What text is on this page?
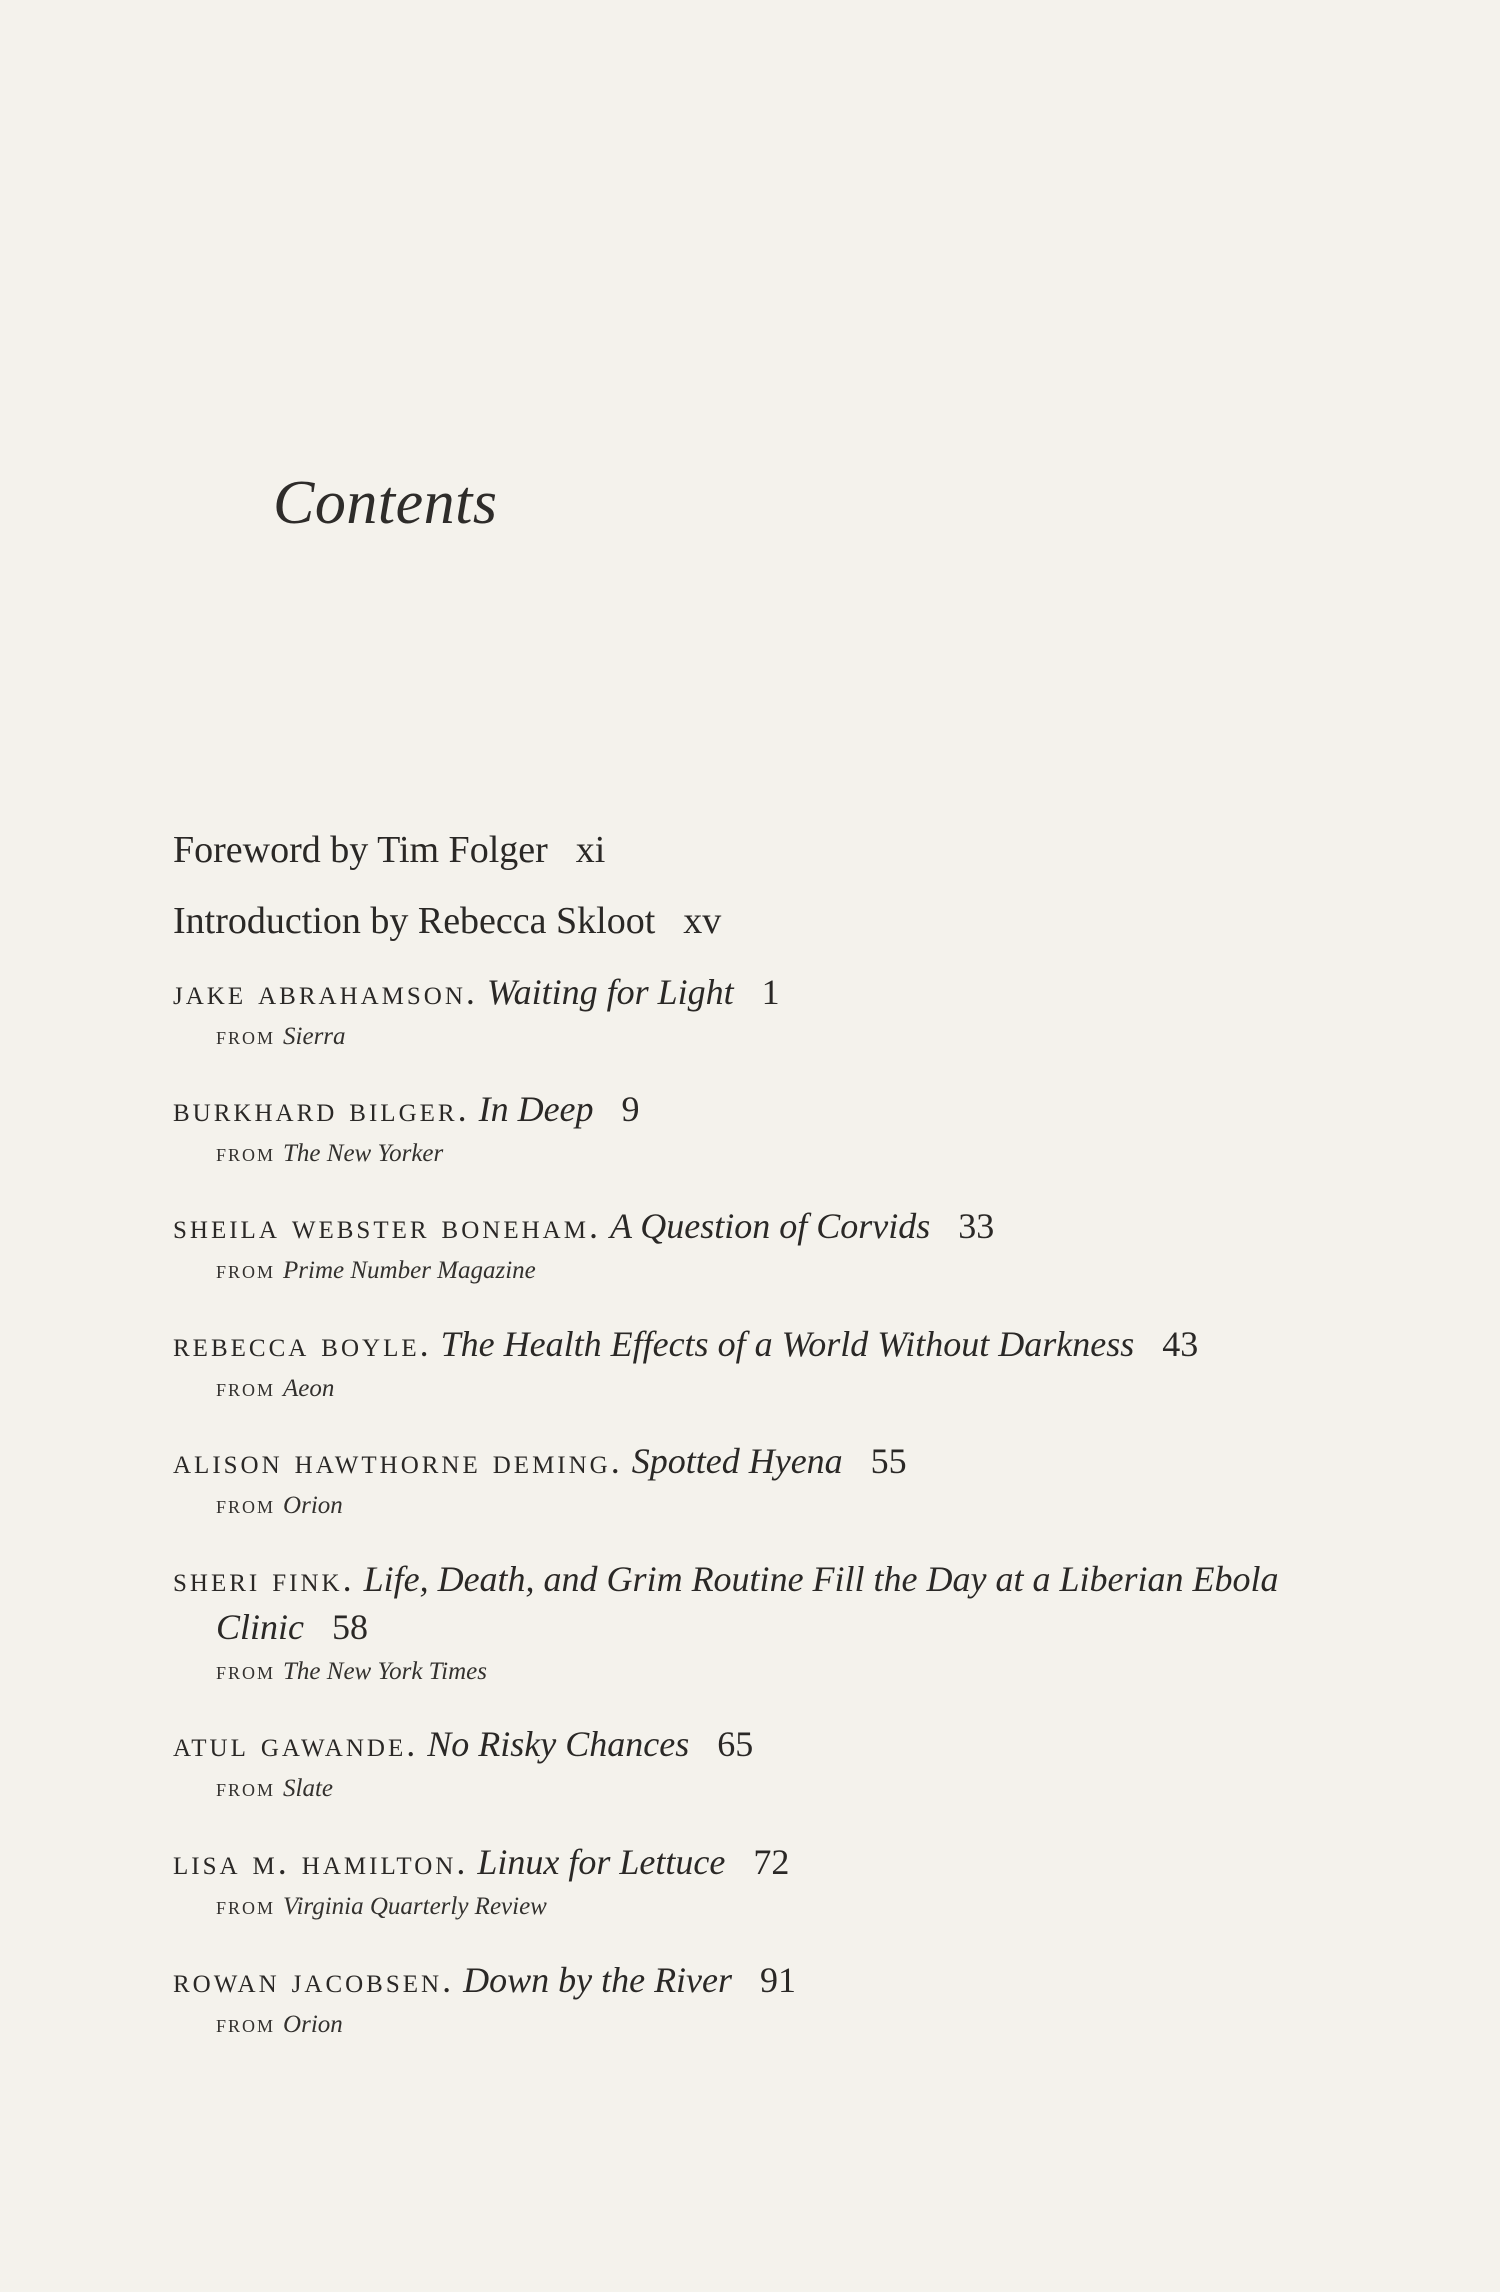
Contents
Foreword by Tim Folger xi
Introduction by Rebecca Skloot xv
jake abrahamson. Waiting for Light 1
from Sierra
burkhard bilger. In Deep 9
from The New Yorker
sheila webster boneham. A Question of Corvids 33
from Prime Number Magazine
rebecca boyle. The Health Effects of a World Without Darkness 43
from Aeon
alison hawthorne deming. Spotted Hyena 55
from Orion
sheri fink. Life, Death, and Grim Routine Fill the Day at a Liberian Ebola Clinic 58
from The New York Times
atul gawande. No Risky Chances 65
from Slate
lisa m. hamilton. Linux for Lettuce 72
from Virginia Quarterly Review
rowan jacobsen. Down by the River 91
from Orion
